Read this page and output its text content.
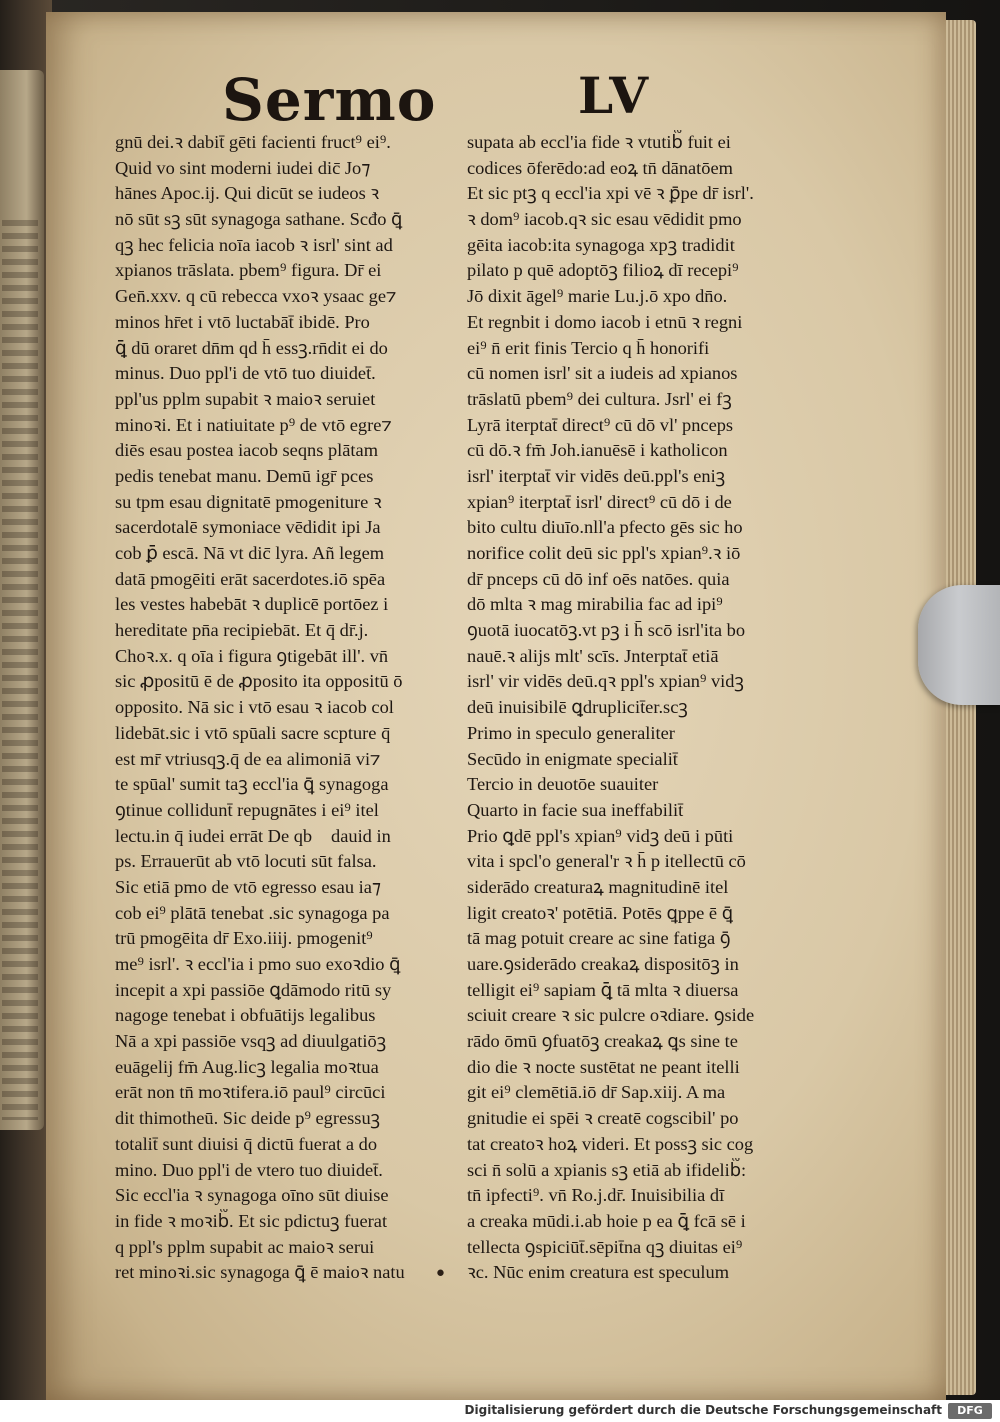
Sermo	LV
gnū dei.ꝛ dabit̄ gēti facienti fruct⁹ ei⁹.
Quid vo sint moderni iudei dic̄ Jo⁊
hānes Apoc.ij. Qui dicūt se iudeos ꝛ
nō sūt sꝫ sūt synagoga sathane. Scđo ꝗ̄
qꝫ hec felicia noīa iacob ꝛ isrl' sint ad
xpianos trāslata. pbem⁹ figura. Dr̄ ei
Gen̄.xxv. q cū rebecca vxoꝛ ysaac ge⁊
minos hr̄et i vtō luctabāt̄ ibidē. Pro
ꝗ̄ dū oraret dn̄m qd h̄ essꝫ.rn̄dit ei do
minus. Duo ppl'i de vtō tuo diuidet̄.
ppl'us pplm supabit ꝛ maioꝛ seruiet
minoꝛi. Et i natiuitate p⁹ de vtō egre⁊
diēs esau postea iacob seqns plātam
pedis tenebat manu. Demū igr̄ pces
su tpm esau dignitatē pmogeniture ꝛ
sacerdotalē symoniace vēdidit ipi Ja
cob ꝑ̄ escā. Nā vt dic̄ lyra. Añ legem
datā pmogēiti erāt sacerdotes.iō spēa
les vestes habebāt ꝛ duplicē portōez i
hereditate pn̄a recipiebāt. Et q̄ dr̄.j.
Choꝛ.x. q oīa i figura ꝯtigebāt ill'. vn̄
sic ꝓpositū ē de ꝓposito ita oppositū ō
opposito. Nā sic i vtō esau ꝛ iacob col
lidebāt.sic i vtō spūali sacre scpture q̄
est mr̄ vtriusqꝫ.q̄ de ea alimoniā vi⁊
te spūal' sumit taꝫ eccl'ia ꝗ̄ synagoga
ꝯtinue collidunt̄ repugnātes i ei⁹ itel
lectu.in q̄ iudei errāt De qb᷑ dauid in
ps. Errauerūt ab vtō locuti sūt falsa.
Sic etiā pmo de vtō egresso esau ia⁊
cob ei⁹ plātā tenebat .sic synagoga pa
trū pmogēita dr̄ Exo.iiij. pmogenit⁹
me⁹ isrl'. ꝛ eccl'ia i pmo suo exoꝛdio ꝗ̄
incepit a xpi passiōe ꝗdāmodo ritū sy
nagoge tenebat i obfuātijs legalibus
Nā a xpi passiōe vsqꝫ ad diuulgatiōꝫ
euāgelij fm̄ Aug.licꝫ legalia moꝛtua
erāt non tn̄ moꝛtifera.iō paul⁹ circūci
dit thimotheū. Sic deide p⁹ egressuꝫ
totalit̄ sunt diuisi q̄ dictū fuerat a do
mino. Duo ppl'i de vtero tuo diuidet̄.
Sic eccl'ia ꝛ synagoga oīno sūt diuise
in fide ꝛ moꝛib᷑. Et sic pdictuꝫ fuerat
q ppl's pplm supabit ac maioꝛ serui
ret minoꝛi.sic synagoga ꝗ̄ ē maioꝛ natu
supata ab eccl'ia fide ꝛ vtutib᷑ fuit ei
codices ōferēdo:ad eoꝝ tn̄ dānatōem
Et sic ptꝫ q eccl'ia xpi vē ꝛ ꝑ̄pe dr̄ isrl'.
ꝛ dom⁹ iacob.qꝛ sic esau vēdidit pmo
gēita iacob:ita synagoga xpꝫ tradidit
pilato p quē adoptōꝫ filioꝝ dī recepi⁹
Jō dixit āgel⁹ marie Lu.j.ō xpo dn̄o.
Et regnbit i domo iacob i etnū ꝛ regni
ei⁹ n̄ erit finis Tercio q h̄ honorifi
cū nomen isrl' sit a iudeis ad xpianos
trāslatū pbem⁹ dei cultura. Jsrl' ei fꝫ
Lyrā iterptat̄ direct⁹ cū dō vl' pnceps
cū dō.ꝛ fm̄ Joh.ianuēsē i katholicon
isrl' iterptat̄ vir vidēs deū.ppl's eniꝫ
xpian⁹ iterptat̄ isrl' direct⁹ cū dō i de
bito cultu diuīo.nll'a pfecto gēs sic ho
norifice colit deū sic ppl's xpian⁹.ꝛ iō
dr̄ pnceps cū dō inf oēs natōes. quia
dō mlta ꝛ mag mirabilia fac ad ipi⁹
ꝯuotā iuocatōꝫ.vt pꝫ i h̄ scō isrl'ita bo
nauē.ꝛ alijs mlt' scīs. Jnterptat̄ etiā
isrl' vir vidēs deū.qꝛ ppl's xpian⁹ vidꝫ
deū inuisibilē ꝗdruplicit̄er.scꝫ
Primo in speculo generaliter
Secūdo in enigmate specialit̄
Tercio in deuotōe suauiter
Quarto in facie sua ineffabilit̄
Prio ꝗdē ppl's xpian⁹ vidꝫ deū i pūti
vita i spcl'o general'r ꝛ h̄ p itellectū cō
siderādo creaturaꝝ magnitudinē itel
ligit creatoꝛ' potētiā. Potēs ꝗppe ē ꝗ̄
tā mag potuit creare ac sine fatiga ꝯ̄
uare.ꝯsiderādo creakaꝝ dispositōꝫ in
telligit ei⁹ sapiam ꝗ̄ tā mlta ꝛ diuersa
sciuit creare ꝛ sic pulcre oꝛdiare. ꝯside
rādo ōmū ꝯfuatōꝫ creakaꝝ ꝗs sine te
dio die ꝛ nocte sustētat ne peant itelli
git ei⁹ clemētiā.iō dr̄ Sap.xiij. A ma
gnitudie ei spēi ꝛ creatē cogscibil' po
tat creatoꝛ hoꝝ videri. Et possꝫ sic cog
sci n̄ solū a xpianis sꝫ etiā ab ifidelib᷑:
tn̄ ipfecti⁹. vn̄ Ro.j.dr̄. Inuisibilia dī
a creaka mūdi.i.ab hoie p ea ꝗ̄ fcā sē i
tellecta ꝯspiciūt̄.sēpit̄na qꝫ diuitas ei⁹
ꝛc. Nūc enim creatura est speculum
•
Digitalisierung gefördert durch die Deutsche Forschungsgemeinschaft	DFG
